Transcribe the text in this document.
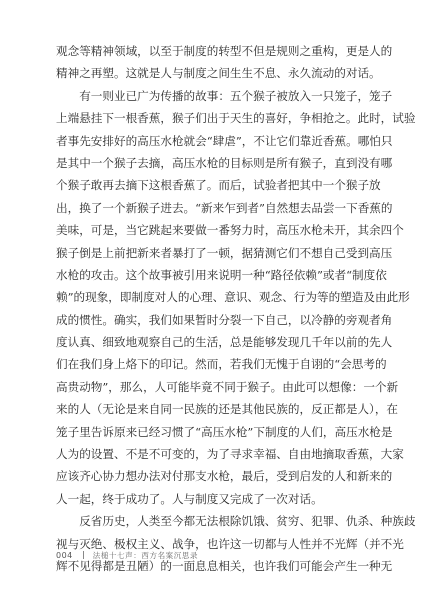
观念等精神领域，以至于制度的转型不但是规则之重构，更是人的
精神之再塑。这就是人与制度之间生生不息、永久流动的对话。
　　有一则业已广为传播的故事：五个猴子被放入一只笼子，笼子
上端悬挂下一根香蕉，猴子们出于天生的喜好，争相抢之。此时，试验
者事先安排好的高压水枪就会“肆虐”，不让它们靠近香蕉。哪怕只
是其中一个猴子去摘，高压水枪的目标则是所有猴子，直到没有哪
个猴子敢再去摘下这根香蕉了。而后，试验者把其中一个猴子放
出，换了一个新猴子进去。“新来乍到者”自然想去品尝一下香蕉的
美味，可是，当它跳起来要做一番努力时，高压水枪未开，其余四个
猴子倒是上前把新来者暴打了一顿，据猜测它们不想自己受到高压
水枪的攻击。这个故事被引用来说明一种“路径依赖”或者“制度依
赖”的现象，即制度对人的心理、意识、观念、行为等的塑造及由此形
成的惯性。确实，我们如果暂时分裂一下自己，以冷静的旁观者角
度认真、细致地观察自己的生活，总是能够发现几千年以前的先人
们在我们身上烙下的印记。然而，若我们无愧于自诩的“会思考的
高贵动物”，那么，人可能毕竟不同于猴子。由此可以想像：一个新
来的人（无论是来自同一民族的还是其他民族的，反正都是人），在
笼子里告诉原来已经习惯了“高压水枪”下制度的人们，高压水枪是
人为的设置、不是不可变的，为了寻求幸福、自由地摘取香蕉，大家
应该齐心协力想办法对付那支水枪，最后，受到启发的人和新来的
人一起，终于成功了。人与制度又完成了一次对话。
　　反省历史，人类至今都无法根除饥饿、贫穷、犯罪、仇杀、种族歧
视与灭绝、极权主义、战争，也许这一切都与人性并不光辉（并不光
辉不见得都是丑陋）的一面息息相关，也许我们可能会产生一种无
004	法槌十七声：西方名案沉思录
